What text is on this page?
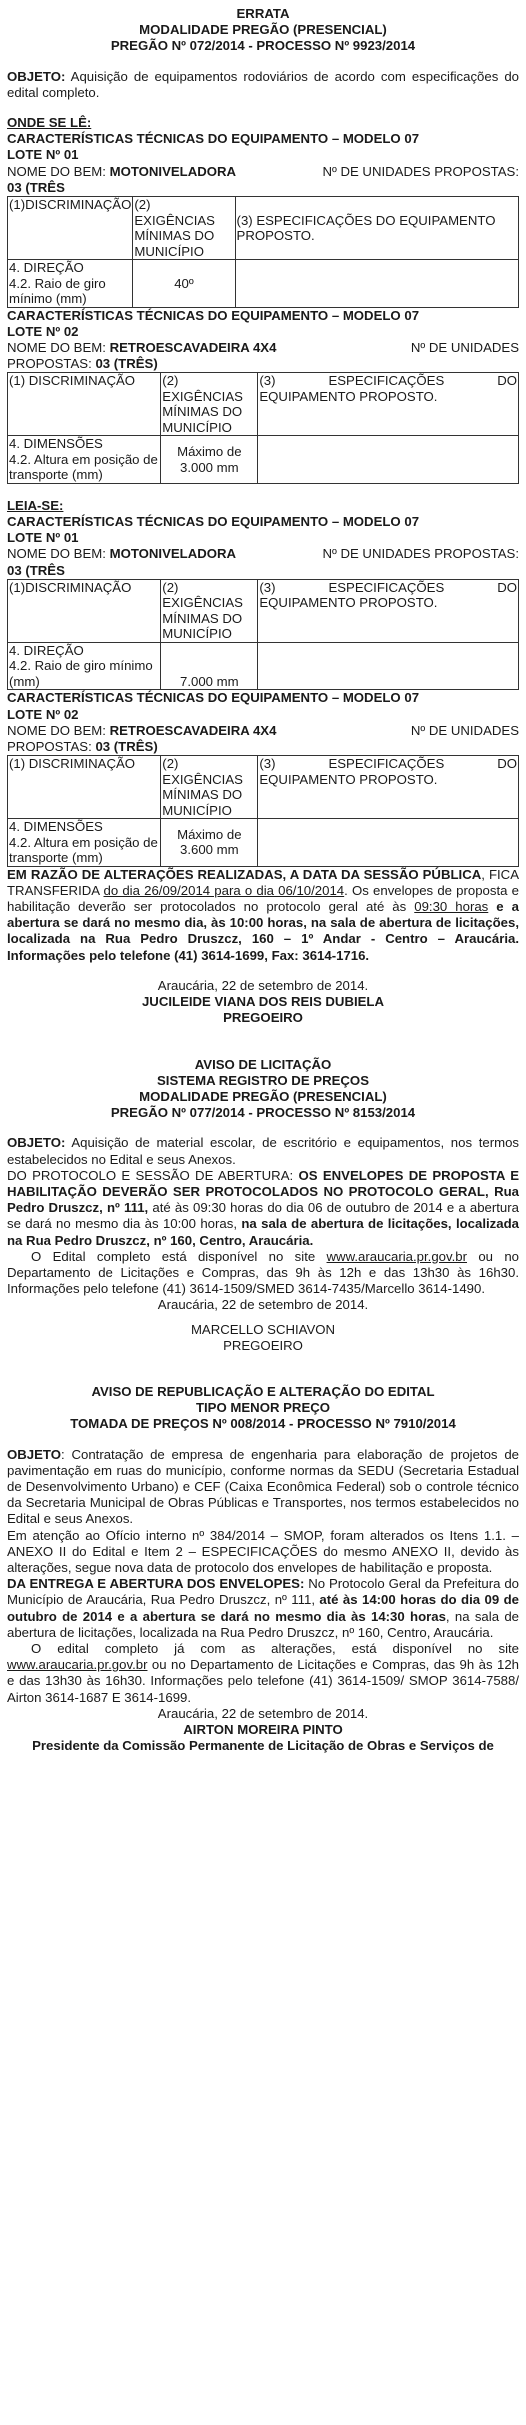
ERRATA
MODALIDADE PREGÃO (PRESENCIAL)
PREGÃO Nº 072/2014 - PROCESSO Nº 9923/2014
OBJETO: Aquisição de equipamentos rodoviários de acordo com especificações do edital completo.
ONDE SE LÊ:
CARACTERÍSTICAS TÉCNICAS DO EQUIPAMENTO – MODELO 07
LOTE Nº 01
NOME DO BEM: MOTONIVELADORA	Nº DE UNIDADES PROPOSTAS:
03 (TRÊS
(1)DISCRIMINAÇÃO	(2) EXIGÊNCIAS MÍNIMAS DO MUNICÍPIO	(3) ESPECIFICAÇÕES DO EQUIPAMENTO PROPOSTO.

4. DIREÇÃO
4.2. Raio de giro mínimo (mm)	40º	
CARACTERÍSTICAS TÉCNICAS DO EQUIPAMENTO – MODELO 07
LOTE Nº 02
NOME DO BEM: RETROESCAVADEIRA 4X4	Nº DE UNIDADES
PROPOSTAS: 03 (TRÊS)
(1) DISCRIMINAÇÃO	(2) EXIGÊNCIAS MÍNIMAS DO MUNICÍPIO	(3) ESPECIFICAÇÕES DO EQUIPAMENTO PROPOSTO.

4. DIMENSÕES
4.2. Altura em posição de transporte (mm)	Máximo de 3.000 mm	
LEIA-SE:
CARACTERÍSTICAS TÉCNICAS DO EQUIPAMENTO – MODELO 07
LOTE Nº 01
NOME DO BEM: MOTONIVELADORA	Nº DE UNIDADES PROPOSTAS:
03 (TRÊS
(1)DISCRIMINAÇÃO	(2) EXIGÊNCIAS MÍNIMAS DO MUNICÍPIO	(3) ESPECIFICAÇÕES DO EQUIPAMENTO PROPOSTO.

4. DIREÇÃO
4.2. Raio de giro mínimo (mm)	7.000 mm	
CARACTERÍSTICAS TÉCNICAS DO EQUIPAMENTO – MODELO 07
LOTE Nº 02
NOME DO BEM: RETROESCAVADEIRA 4X4	Nº DE UNIDADES
PROPOSTAS: 03 (TRÊS)
(1) DISCRIMINAÇÃO	(2) EXIGÊNCIAS MÍNIMAS DO MUNICÍPIO	(3) ESPECIFICAÇÕES DO EQUIPAMENTO PROPOSTO.

4. DIMENSÕES
4.2. Altura em posição de transporte (mm)	Máximo de 3.600 mm	
EM RAZÃO DE ALTERAÇÕES REALIZADAS, A DATA DA SESSÃO PÚBLICA, FICA TRANSFERIDA do dia 26/09/2014 para o dia 06/10/2014. Os envelopes de proposta e habilitação deverão ser protocolados no protocolo geral até às 09:30 horas e a abertura se dará no mesmo dia, às 10:00 horas, na sala de abertura de licitações, localizada na Rua Pedro Druszcz, 160 – 1º Andar - Centro – Araucária. Informações pelo telefone (41) 3614-1699, Fax: 3614-1716.
Araucária, 22 de setembro de 2014.
JUCILEIDE VIANA DOS REIS DUBIELA
PREGOEIRO
AVISO DE LICITAÇÃO
SISTEMA REGISTRO DE PREÇOS
MODALIDADE PREGÃO (PRESENCIAL)
PREGÃO Nº 077/2014 - PROCESSO Nº 8153/2014
OBJETO: Aquisição de material escolar, de escritório e equipamentos, nos termos estabelecidos no Edital e seus Anexos.
DO PROTOCOLO E SESSÃO DE ABERTURA: OS ENVELOPES DE PROPOSTA E HABILITAÇÃO DEVERÃO SER PROTOCOLADOS NO PROTOCOLO GERAL, Rua Pedro Druszcz, nº 111, até às 09:30 horas do dia 06 de outubro de 2014 e a abertura se dará no mesmo dia às 10:00 horas, na sala de abertura de licitações, localizada na Rua Pedro Druszcz, nº 160, Centro, Araucária.
O Edital completo está disponível no site www.araucaria.pr.gov.br ou no Departamento de Licitações e Compras, das 9h às 12h e das 13h30 às 16h30. Informações pelo telefone (41) 3614-1509/SMED 3614-7435/Marcello 3614-1490.
Araucária, 22 de setembro de 2014.
MARCELLO SCHIAVON
PREGOEIRO
AVISO DE REPUBLICAÇÃO E ALTERAÇÃO DO EDITAL
TIPO MENOR PREÇO
TOMADA DE PREÇOS Nº 008/2014 - PROCESSO Nº 7910/2014
OBJETO: Contratação de empresa de engenharia para elaboração de projetos de pavimentação em ruas do município, conforme normas da SEDU (Secretaria Estadual de Desenvolvimento Urbano) e CEF (Caixa Econômica Federal) sob o controle técnico da Secretaria Municipal de Obras Públicas e Transportes, nos termos estabelecidos no Edital e seus Anexos.
Em atenção ao Ofício interno nº 384/2014 – SMOP, foram alterados os Itens 1.1. – ANEXO II do Edital e Item 2 – ESPECIFICAÇÕES do mesmo ANEXO II, devido às alterações, segue nova data de protocolo dos envelopes de habilitação e proposta.
DA ENTREGA E ABERTURA DOS ENVELOPES: No Protocolo Geral da Prefeitura do Município de Araucária, Rua Pedro Druszcz, nº 111, até às 14:00 horas do dia 09 de outubro de 2014 e a abertura se dará no mesmo dia às 14:30 horas, na sala de abertura de licitações, localizada na Rua Pedro Druszcz, nº 160, Centro, Araucária.
O edital completo já com as alterações, está disponível no site www.araucaria.pr.gov.br ou no Departamento de Licitações e Compras, das 9h às 12h e das 13h30 às 16h30. Informações pelo telefone (41) 3614-1509/ SMOP 3614-7588/ Airton 3614-1687 E 3614-1699.
Araucária, 22 de setembro de 2014.
AIRTON MOREIRA PINTO
Presidente da Comissão Permanente de Licitação de Obras e Serviços de
